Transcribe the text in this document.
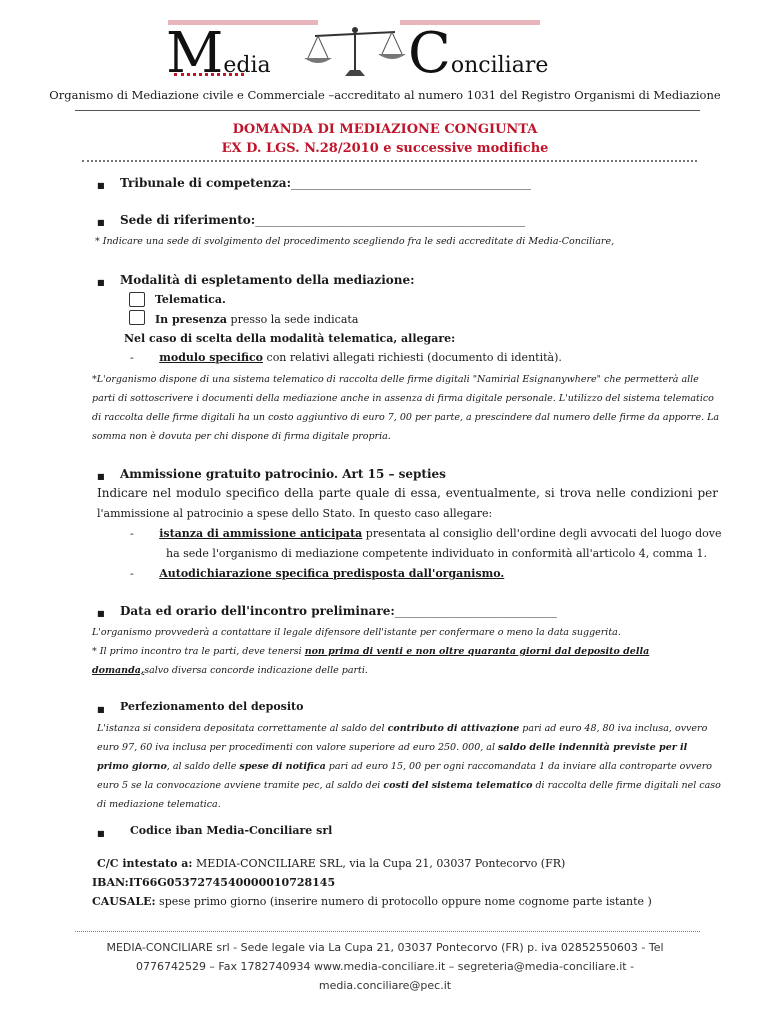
Media Conciliare
Organismo di Mediazione civile e Commerciale –accreditato al numero 1031 del Registro Organismi di Mediazione
DOMANDA DI MEDIAZIONE CONGIUNTA
EX D. LGS. N.28/2010 e successive modifiche
■ Tribunale di competenza:________________________________________
■ Sede di riferimento:_____________________________________________
* Indicare una sede di svolgimento del procedimento scegliendo fra le sedi accreditate di Media-Conciliare,
■ Modalità di espletamento della mediazione:
Telematica.
In presenza presso la sede indicata
Nel caso di scelta della modalità telematica, allegare:
- modulo specifico con relativi allegati richiesti (documento di identità).
*L'organismo dispone di una sistema telematico di raccolta delle firme digitali "Namirial Esignanywhere" che permetterà alle
parti di sottoscrivere i documenti della mediazione anche in assenza di firma digitale personale. L'utilizzo del sistema telematico
di raccolta delle firme digitali ha un costo aggiuntivo di euro 7, 00 per parte, a prescindere dal numero delle firme da apporre. La
somma non è dovuta per chi dispone di firma digitale propria.
■ Ammissione gratuito patrocinio. Art 15 – septies
Indicare nel modulo specifico della parte quale di essa, eventualmente, si trova nelle condizioni per
l'ammissione al patrocinio a spese dello Stato. In questo caso allegare:
- istanza di ammissione anticipata presentata al consiglio dell'ordine degli avvocati del luogo dove
ha sede l'organismo di mediazione competente individuato in conformità all'articolo 4, comma 1.
- Autodichiarazione specifica predisposta dall'organismo.
■ Data ed orario dell'incontro preliminare:___________________________
L'organismo provvederà a contattare il legale difensore dell'istante per confermare o meno la data suggerita.
* Il primo incontro tra le parti, deve tenersi non prima di venti e non oltre quaranta giorni dal deposito della
domanda,salvo diversa concorde indicazione delle parti.
■ Perfezionamento del deposito
L'istanza si considera depositata correttamente al saldo del contributo di attivazione pari ad euro 48, 80 iva inclusa, ovvero
euro 97, 60 iva inclusa per procedimenti con valore superiore ad euro 250. 000, al saldo delle indennità previste per il
primo giorno, al saldo delle spese di notifica pari ad euro 15, 00 per ogni raccomandata 1 da inviare alla controparte ovvero
euro 5 se la convocazione avviene tramite pec, al saldo dei costi del sistema telematico di raccolta delle firme digitali nel caso
di mediazione telematica.
■ Codice iban Media-Conciliare srl
C/C intestato a: MEDIA-CONCILIARE SRL, via la Cupa 21, 03037 Pontecorvo (FR)
IBAN:IT66G0537274540000010728145
CAUSALE: spese primo giorno (inserire numero di protocollo oppure nome cognome parte istante )
MEDIA-CONCILIARE srl - Sede legale via La Cupa 21, 03037 Pontecorvo (FR) p. iva 02852550603 - Tel
0776742529 – Fax 1782740934 www.media-conciliare.it – segreteria@media-conciliare.it -
media.conciliare@pec.it
